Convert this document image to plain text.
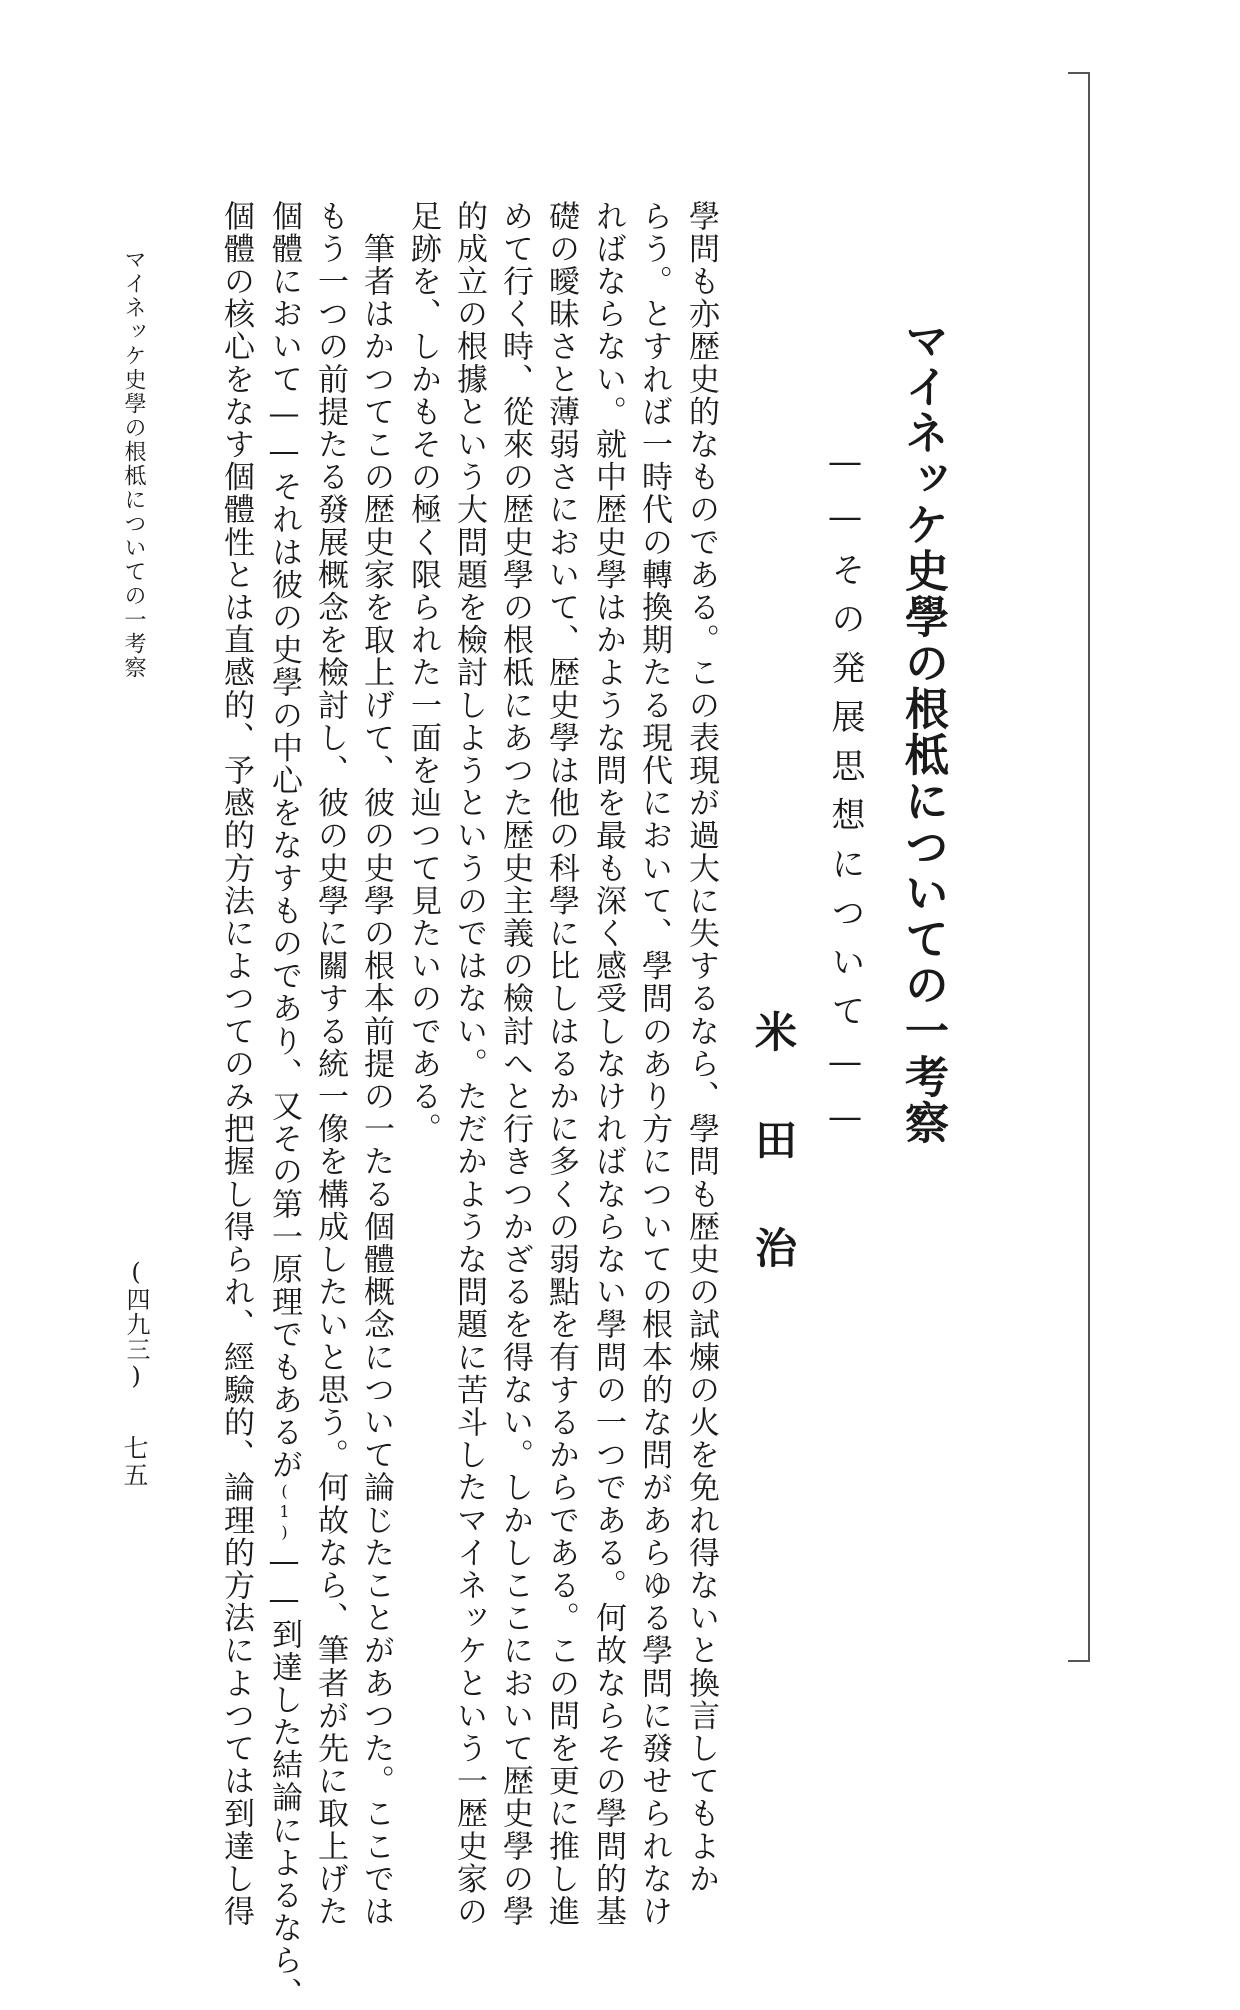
マイネッケ史學の根柢についての一考察
——その発展思想について——
米田治

學問も亦歴史的なものである。この表現が過大に失するなら、學問も歴史の試煉の火を免れ得ないと換言してもよか

らう。とすれば一時代の轉換期たる現代において、學問のあり方についての根本的な問があらゆる學問に發せられなけ

ればならない。就中歴史學はかような問を最も深く感受しなければならない學問の一つである。何故ならその學問的基

礎の曖昧さと薄弱さにおいて、歴史學は他の科學に比しはるかに多くの弱點を有するからである。この問を更に推し進

めて行く時、從來の歴史學の根柢にあつた歴史主義の檢討へと行きつかざるを得ない。しかしここにおいて歴史學の學

的成立の根據という大問題を檢討しようというのではない。ただかような問題に苦斗したマイネッケという一歴史家の

足跡を、しかもその極く限られた一面を辿つて見たいのである。

　筆者はかつてこの歴史家を取上げて、彼の史學の根本前提の一たる個體概念について論じたことがあつた。ここでは

もう一つの前提たる發展概念を檢討し、彼の史學に關する統一像を構成したいと思う。何故なら、筆者が先に取上げた

個體において——それは彼の史學の中心をなすものであり、又その第一原理でもあるが(1)——到達した結論によるなら、

個體の核心をなす個體性とは直感的、予感的方法によつてのみ把握し得られ、經驗的、論理的方法によつては到達し得

マイネッケ史學の根柢についての一考察
(四九三)
七五
